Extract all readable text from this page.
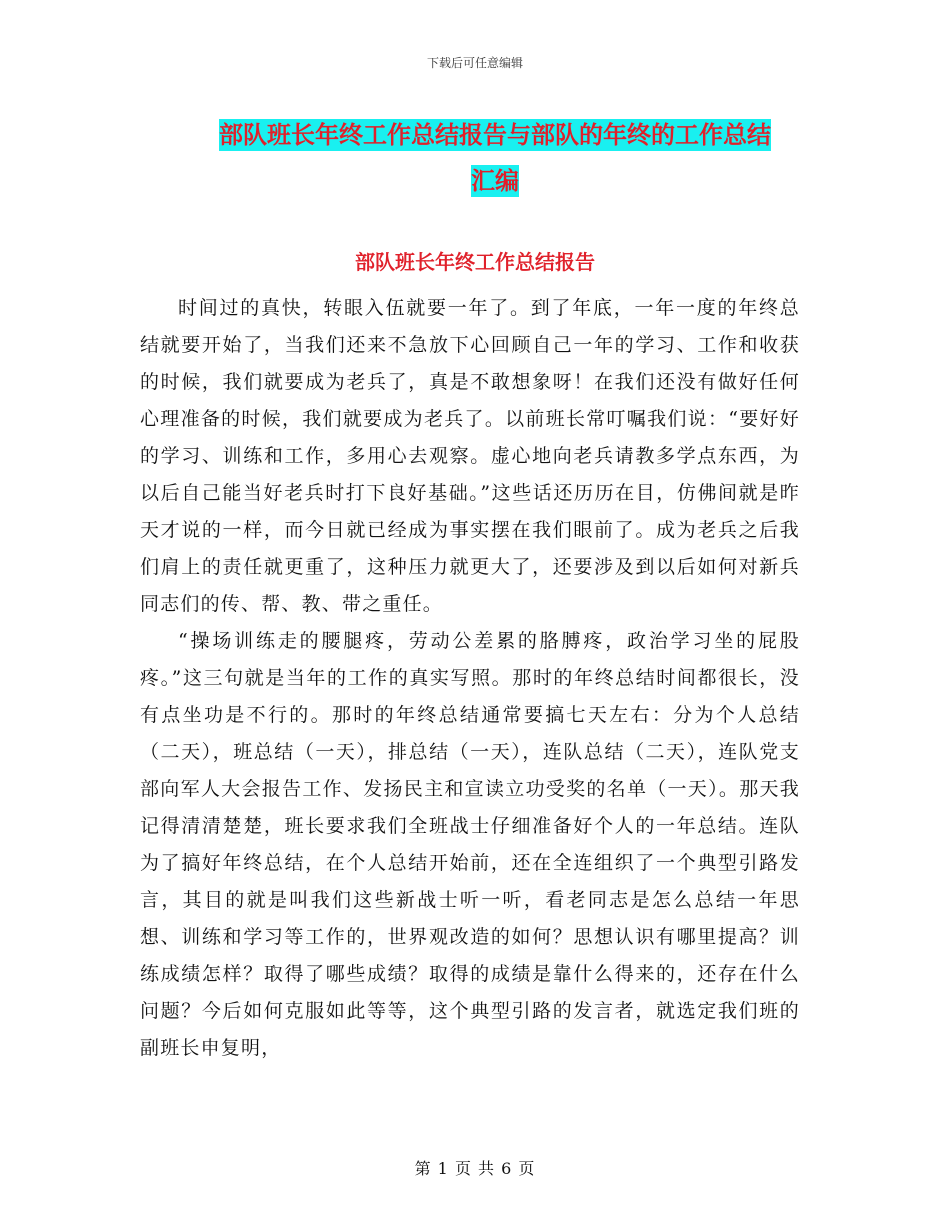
下载后可任意编辑
部队班长年终工作总结报告与部队的年终的工作总结
汇编
部队班长年终工作总结报告

时间过的真快，转眼入伍就要一年了。到了年底，一年一度的年终总结就要开始了，当我们还来不急放下心回顾自己一年的学习、工作和收获的时候，我们就要成为老兵了，真是不敢想象呀！在我们还没有做好任何心理准备的时候，我们就要成为老兵了。以前班长常叮嘱我们说：“要好好的学习、训练和工作，多用心去观察。虚心地向老兵请教多学点东西，为以后自己能当好老兵时打下良好基础。”这些话还历历在目，仿佛间就是昨天才说的一样，而今日就已经成为事实摆在我们眼前了。成为老兵之后我们肩上的责任就更重了，这种压力就更大了，还要涉及到以后如何对新兵同志们的传、帮、教、带之重任。

“操场训练走的腰腿疼，劳动公差累的胳膊疼，政治学习坐的屁股疼。”这三句就是当年的工作的真实写照。那时的年终总结时间都很长，没有点坐功是不行的。那时的年终总结通常要搞七天左右：分为个人总结（二天），班总结（一天），排总结（一天），连队总结（二天），连队党支部向军人大会报告工作、发扬民主和宣读立功受奖的名单（一天）。那天我记得清清楚楚，班长要求我们全班战士仔细准备好个人的一年总结。连队为了搞好年终总结，在个人总结开始前，还在全连组织了一个典型引路发言，其目的就是叫我们这些新战士听一听，看老同志是怎么总结一年思想、训练和学习等工作的，世界观改造的如何？思想认识有哪里提高？训练成绩怎样？取得了哪些成绩？取得的成绩是靠什么得来的，还存在什么问题？今后如何克服如此等等，这个典型引路的发言者，就选定我们班的副班长申复明，

第 1 页 共 6 页
